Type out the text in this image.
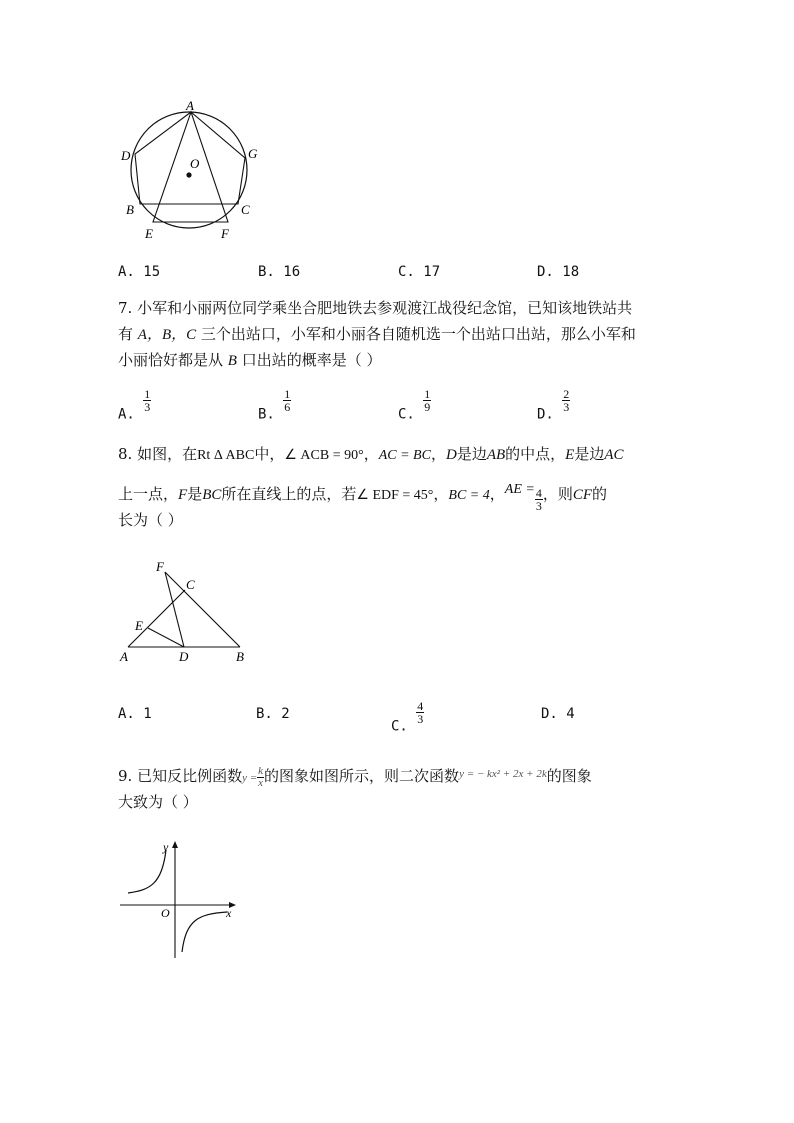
A
D	G
O
B	C
E	F
A. 15	B. 16	C. 17	D. 18
7. 小军和小丽两位同学乘坐合肥地铁去参观渡江战役纪念馆，已知该地铁站共
有 A，B，C 三个出站口，小军和小丽各自随机选一个出站口出站，那么小军和
小丽恰好都是从 B 口出站的概率是（ ）
A.
$\frac{1}{3}$
B.
$\frac{1}{6}$
C.
$\frac{1}{9}$
D.
$\frac{2}{3}$
8. 如图，在Rt Δ ABC中，∠ ACB = 90°，AC = BC，D是边AB的中点，E是边AC
上一点，F是BC所在直线上的点，若∠ EDF = 45°，BC = 4，AE = $\frac{4}{3}$ ，则CF的
长为（ ）
F
C
E
A	D	B
A. 1	B. 2
C.
$\frac{4}{3}$	D. 4
9. 已知反比例函数$y = \frac{k}{x}$ 的图象如图所示，则二次函数$^{y = - kx^2 + 2x + 2k}$的图象
大致为（ ）
y
O	x
